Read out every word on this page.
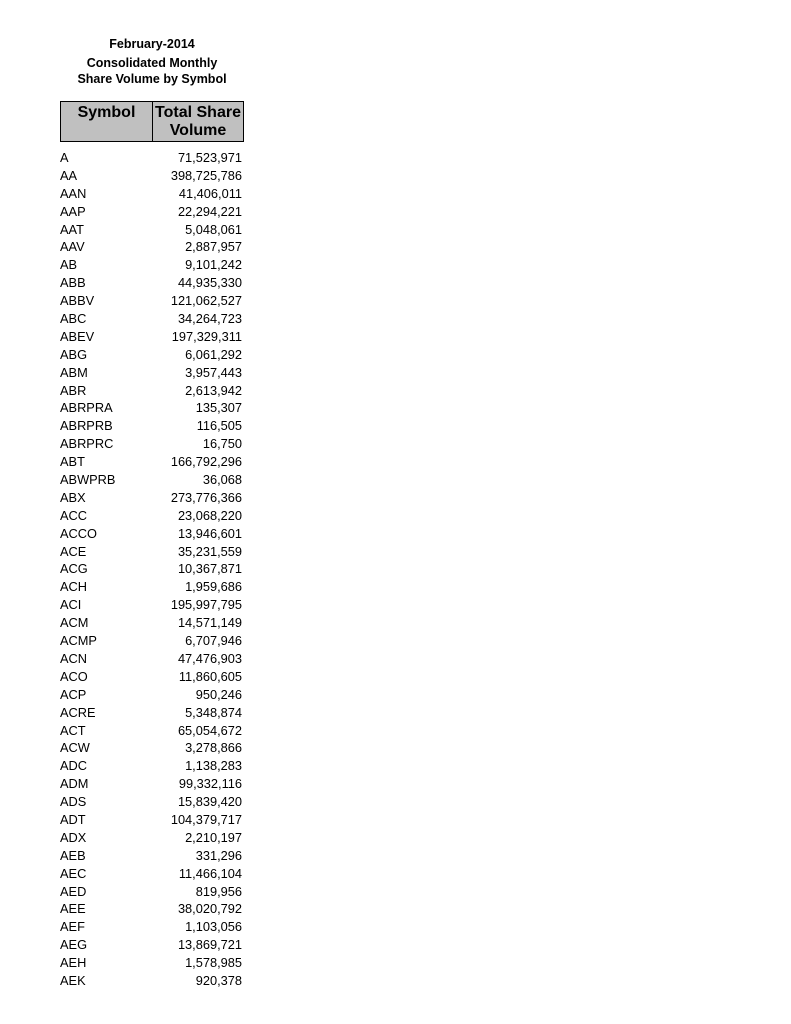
February-2014
Consolidated Monthly
Share Volume by Symbol
Symbol	Total Share
Volume
A	71,523,971
AA	398,725,786
AAN	41,406,011
AAP	22,294,221
AAT	5,048,061
AAV	2,887,957
AB	9,101,242
ABB	44,935,330
ABBV	121,062,527
ABC	34,264,723
ABEV	197,329,311
ABG	6,061,292
ABM	3,957,443
ABR	2,613,942
ABRPRA	135,307
ABRPRB	116,505
ABRPRC	16,750
ABT	166,792,296
ABWPRB	36,068
ABX	273,776,366
ACC	23,068,220
ACCO	13,946,601
ACE	35,231,559
ACG	10,367,871
ACH	1,959,686
ACI	195,997,795
ACM	14,571,149
ACMP	6,707,946
ACN	47,476,903
ACO	11,860,605
ACP	950,246
ACRE	5,348,874
ACT	65,054,672
ACW	3,278,866
ADC	1,138,283
ADM	99,332,116
ADS	15,839,420
ADT	104,379,717
ADX	2,210,197
AEB	331,296
AEC	11,466,104
AED	819,956
AEE	38,020,792
AEF	1,103,056
AEG	13,869,721
AEH	1,578,985
AEK	920,378
